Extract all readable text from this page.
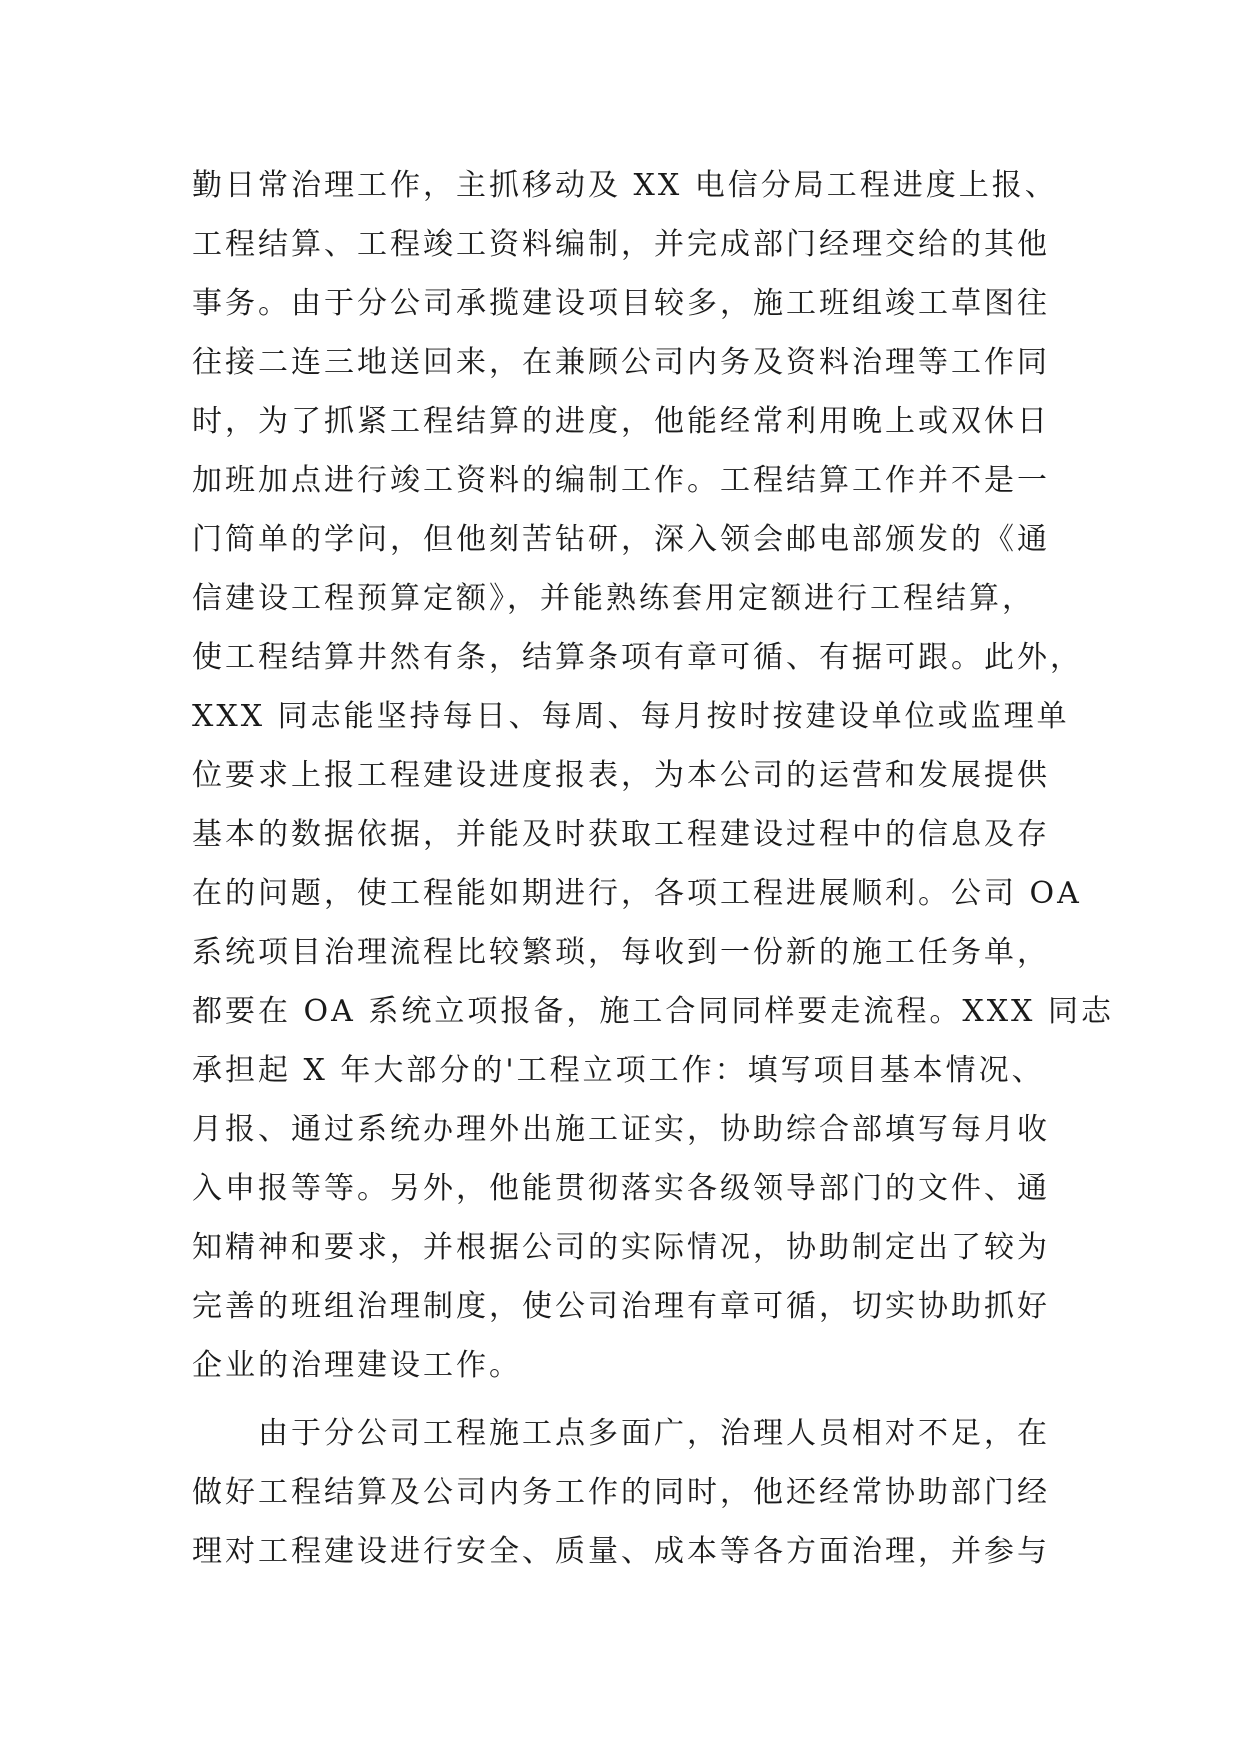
勤日常治理工作，主抓移动及 XX 电信分局工程进度上报、
工程结算、工程竣工资料编制，并完成部门经理交给的其他
事务。由于分公司承揽建设项目较多，施工班组竣工草图往
往接二连三地送回来，在兼顾公司内务及资料治理等工作同
时，为了抓紧工程结算的进度，他能经常利用晚上或双休日
加班加点进行竣工资料的编制工作。工程结算工作并不是一
门简单的学问，但他刻苦钻研，深入领会邮电部颁发的《通
信建设工程预算定额》，并能熟练套用定额进行工程结算，
使工程结算井然有条，结算条项有章可循、有据可跟。此外，
XXX 同志能坚持每日、每周、每月按时按建设单位或监理单
位要求上报工程建设进度报表，为本公司的运营和发展提供
基本的数据依据，并能及时获取工程建设过程中的信息及存
在的问题，使工程能如期进行，各项工程进展顺利。公司 OA
系统项目治理流程比较繁琐，每收到一份新的施工任务单，
都要在 OA 系统立项报备，施工合同同样要走流程。XXX 同志
承担起 X 年大部分的'工程立项工作：填写项目基本情况、
月报、通过系统办理外出施工证实，协助综合部填写每月收
入申报等等。另外，他能贯彻落实各级领导部门的文件、通
知精神和要求，并根据公司的实际情况，协助制定出了较为
完善的班组治理制度，使公司治理有章可循，切实协助抓好
企业的治理建设工作。
　　由于分公司工程施工点多面广，治理人员相对不足，在
做好工程结算及公司内务工作的同时，他还经常协助部门经
理对工程建设进行安全、质量、成本等各方面治理，并参与
